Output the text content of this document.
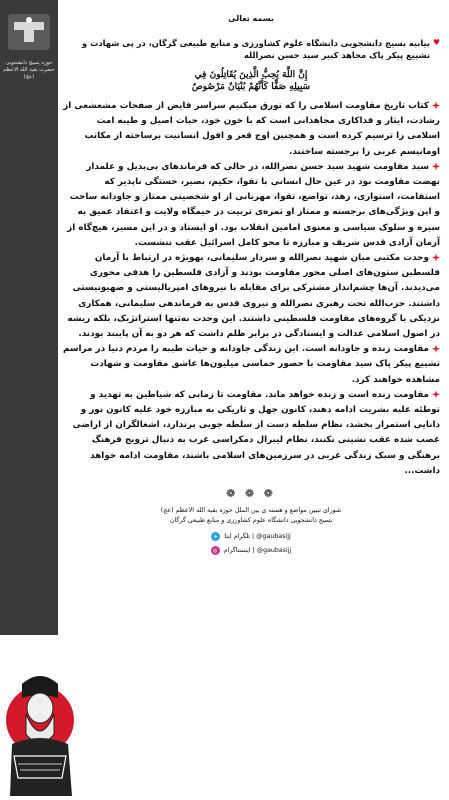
حوزه بسیج دانشجویی حضرت بقیة الله الاعظم (عج)
بسمه تعالی
♥
بیانیه بسیج دانشجویی دانشگاه علوم کشاورزی و منابع طبیعی گرگان، در پی شهادت و تشییع پیکر پاک مجاهد کبیر سید حسن نصرالله
إِنَّ اللَّهَ يُحِبُّ الَّذِينَ يُقَاتِلُونَ فِي
سَبِيلِهِ صَفًّا كَأَنَّهُمْ بُنْيَانٌ مَرْصُوصٌ
کتاب تاریخ مقاومت اسلامی را که تورق میکنیم سراسر فایض از صفحات مشعشعی از رشادت، ایثار و فداکاری مجاهدانی است که با خون خود، حیات اصیل و طیبه امت اسلامی را ترسیم کرده است و همچنین اوج قعر و افول انسانیت برساخته از مکاتب اومانیسم غربی را برجسته ساختند.
سید مقاومت شهید سید حسن نصرالله، در حالی که فرماندهای بی‌بدیل و علمدار نهضت مقاومت بود در عین حال انسانی با تقوا، حکیم، بصیر، خستگی ناپذیر که استقامت، استواری، زهد، تواضع، تقوا، مهربانی از او شخصیتی ممتاز و جاودانه ساخت و این ویژگی‌های برجسته و ممتاز او ثمره‌ی تربیت در خیمگاه ولایت و اعتقاد عمیق به سیره و سلوک سیاسی و معنوی امامین انقلاب بود. او ایستاد و در این مسیر، هیچ‌گاه از آرمان آزادی قدس شریف و مبارزه تا محو کامل اسرائیل عقب ننشست.
وحدت مکتبی میان شهید نصرالله و سردار سلیمانی، بهویژه در ارتباط با آرمان فلسطین ستون‌های اصلی محور مقاومت بودند و آزادی فلسطین را هدفی محوری می‌دیدند. آن‌ها چشم‌انداز مشترکی برای مقابله با نیروهای امپریالیستی و صهیونیستی داشتند. حزب‌الله تحت رهبری نصرالله و نیروی قدس به فرماندهی سلیمانی، همکاری نزدیکی با گروه‌های مقاومت فلسطینی داشتند. این وحدت نه‌تنها استراتژیک، بلکه ریشه در اصول اسلامی عدالت و ایستادگی در برابر ظلم داشت که هر دو به آن پایبند بودند.
مقاومت زنده و جاودانه است. این زندگی جاودانه و حیات طیبه را مردم دنیا در مراسم تشییع پیکر پاک سید مقاومت با حضور حماسی میلیون‌ها عاشق مقاومت و شهادت مشاهده خواهند کرد.
مقاومت زنده است و زنده خواهد ماند. مقاومت تا زمانی که شیاطین به تهدید و توطئه علیه بشریت ادامه دهند، کانون جهل و تاریکی به مبارزه خود علیه کانون نور و دانایی استمرار بخشد، نظام سلطه دست از سلطه جویی برندارد، اشغالگران از اراضی غصب شده عقب نشینی نکنند، نظام لیبرال دمکراسی غرب به دنبال ترویج فرهنگ برهنگی و سبک زندگی غربی در سرزمین‌های اسلامی باشند، مقاومت ادامه خواهد داشت...
❁ ❁ ❁
شورای تبیین مواضع و هسته ی بین الملل حوزه بقیة الله الاعظم (عج)
بسیج دانشجویی دانشگاه علوم کشاورزی و منابع طبیعی گرگان
➤	تلگرام ایتا | @gaubasijj
◎	اینستاگرام | @gaubasijj
